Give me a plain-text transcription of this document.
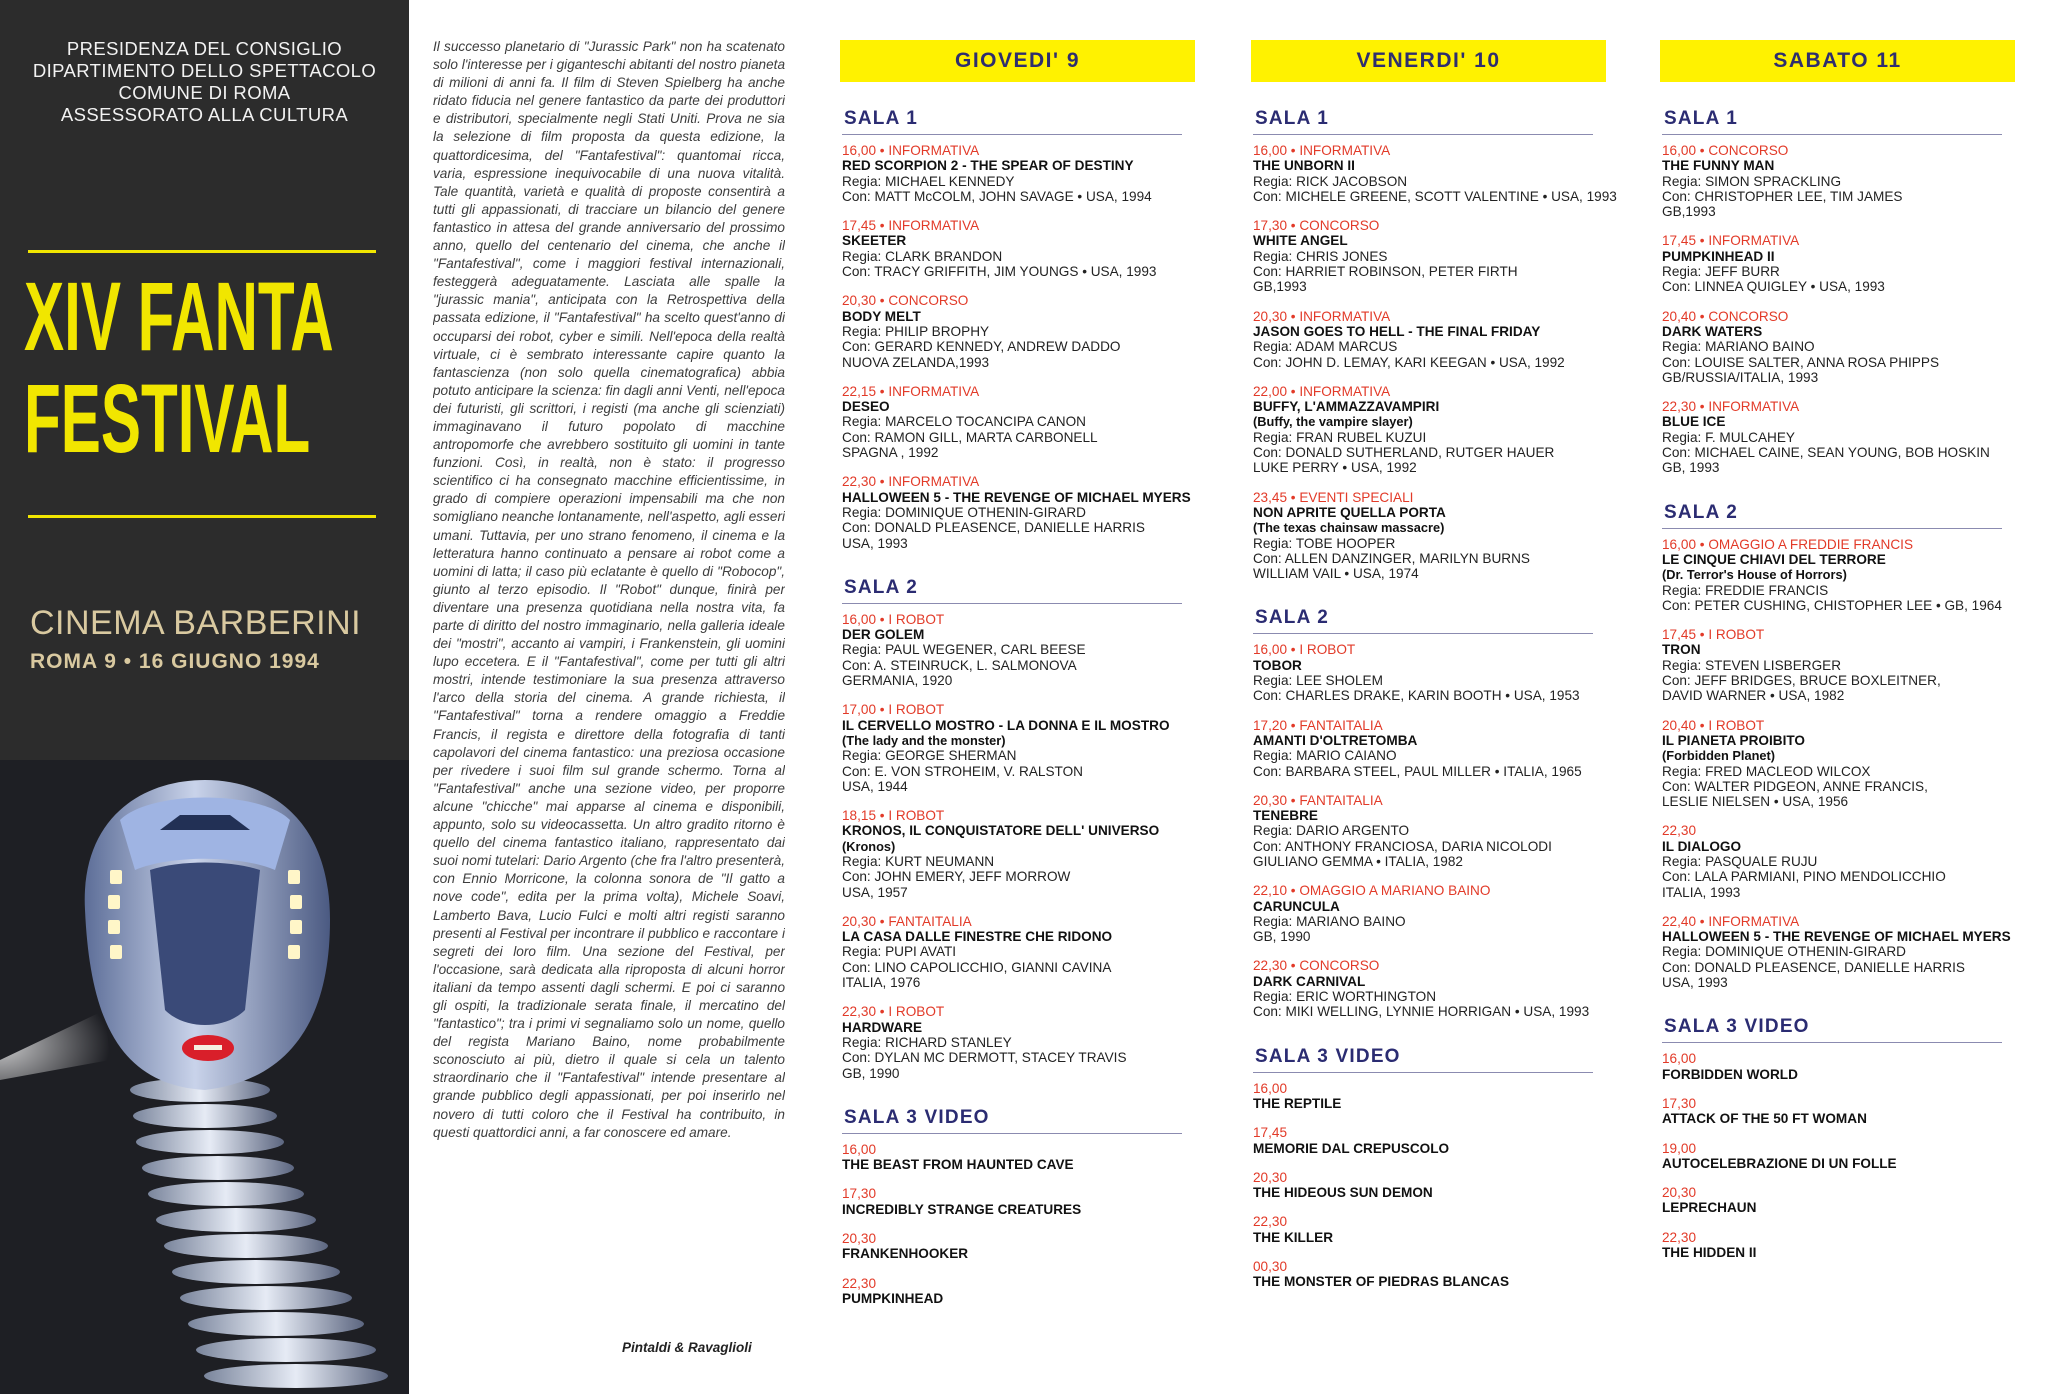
PRESIDENZA DEL CONSIGLIO
DIPARTIMENTO DELLO SPETTACOLO
COMUNE DI ROMA
ASSESSORATO ALLA CULTURA
XIV FANTA
FESTIVAL
CINEMA BARBERINI
ROMA 9 • 16 GIUGNO 1994
Il successo planetario di "Jurassic Park" non ha scatenato solo l'interesse per i giganteschi abitanti del nostro pianeta di milioni di anni fa. Il film di Steven Spielberg ha anche ridato fiducia nel genere fantastico da parte dei produttori e distributori, specialmente negli Stati Uniti. Prova ne sia la selezione di film proposta da questa edizione, la quattordicesima, del "Fantafestival": quantomai ricca, varia, espressione inequivocabile di una nuova vitalità. Tale quantità, varietà e qualità di proposte consentirà a tutti gli appassionati, di tracciare un bilancio del genere fantastico in attesa del grande anniversario del prossimo anno, quello del centenario del cinema, che anche il "Fantafestival", come i maggiori festival internazionali, festeggerà adeguatamente. Lasciata alle spalle la "jurassic mania", anticipata con la Retrospettiva della passata edizione, il "Fantafestival" ha scelto quest'anno di occuparsi dei robot, cyber e simili. Nell'epoca della realtà virtuale, ci è sembrato interessante capire quanto la fantascienza (non solo quella cinematografica) abbia potuto anticipare la scienza: fin dagli anni Venti, nell'epoca dei futuristi, gli scrittori, i registi (ma anche gli scienziati) immaginavano il futuro popolato di macchine antropomorfe che avrebbero sostituito gli uomini in tante funzioni. Così, in realtà, non è stato: il progresso scientifico ci ha consegnato macchine efficientissime, in grado di compiere operazioni impensabili ma che non somigliano neanche lontanamente, nell'aspetto, agli esseri umani. Tuttavia, per uno strano fenomeno, il cinema e la letteratura hanno continuato a pensare ai robot come a uomini di latta; il caso più eclatante è quello di "Robocop", giunto al terzo episodio. Il "Robot" dunque, finirà per diventare una presenza quotidiana nella nostra vita, fa parte di diritto del nostro immaginario, nella galleria ideale dei "mostri", accanto ai vampiri, i Frankenstein, gli uomini lupo eccetera. E il "Fantafestival", come per tutti gli altri mostri, intende testimoniare la sua presenza attraverso l'arco della storia del cinema. A grande richiesta, il "Fantafestival" torna a rendere omaggio a Freddie Francis, il regista e direttore della fotografia di tanti capolavori del cinema fantastico: una preziosa occasione per rivedere i suoi film sul grande schermo. Torna al "Fantafestival" anche una sezione video, per proporre alcune "chicche" mai apparse al cinema e disponibili, appunto, solo su videocassetta. Un altro gradito ritorno è quello del cinema fantastico italiano, rappresentato dai suoi nomi tutelari: Dario Argento (che fra l'altro presenterà, con Ennio Morricone, la colonna sonora de "Il gatto a nove code", edita per la prima volta), Michele Soavi, Lamberto Bava, Lucio Fulci e molti altri registi saranno presenti al Festival per incontrare il pubblico e raccontare i segreti dei loro film. Una sezione del Festival, per l'occasione, sarà dedicata alla riproposta di alcuni horror italiani da tempo assenti dagli schermi. E poi ci saranno gli ospiti, la tradizionale serata finale, il mercatino del "fantastico"; tra i primi vi segnaliamo solo un nome, quello del regista Mariano Baino, nome probabilmente sconosciuto ai più, dietro il quale si cela un talento straordinario che il "Fantafestival" intende presentare al grande pubblico degli appassionati, per poi inserirlo nel novero di tutti coloro che il Festival ha contribuito, in questi quattordici anni, a far conoscere ed amare.
Pintaldi & Ravaglioli
GIOVEDI' 9
SALA 1
16,00 • INFORMATIVA
RED SCORPION 2 - THE SPEAR OF DESTINY
Regia: MICHAEL KENNEDY
Con: MATT McCOLM, JOHN SAVAGE • USA, 1994
17,45 • INFORMATIVA
SKEETER
Regia: CLARK BRANDON
Con: TRACY GRIFFITH, JIM YOUNGS • USA, 1993
20,30 • CONCORSO
BODY MELT
Regia: PHILIP BROPHY
Con: GERARD KENNEDY, ANDREW DADDO
NUOVA ZELANDA,1993
22,15 • INFORMATIVA
DESEO
Regia: MARCELO TOCANCIPA CANON
Con: RAMON GILL, MARTA CARBONELL
SPAGNA , 1992
22,30 • INFORMATIVA
HALLOWEEN 5 - THE REVENGE OF MICHAEL MYERS
Regia: DOMINIQUE OTHENIN-GIRARD
Con: DONALD PLEASENCE, DANIELLE HARRIS
USA, 1993
SALA 2
16,00 • I ROBOT
DER GOLEM
Regia: PAUL WEGENER, CARL BEESE
Con: A. STEINRUCK, L. SALMONOVA
GERMANIA, 1920
17,00 • I ROBOT
IL CERVELLO MOSTRO - LA DONNA E IL MOSTRO
(The lady and the monster)
Regia: GEORGE SHERMAN
Con: E. VON STROHEIM, V. RALSTON
USA, 1944
18,15 • I ROBOT
KRONOS, IL CONQUISTATORE DELL' UNIVERSO
(Kronos)
Regia: KURT NEUMANN
Con: JOHN EMERY, JEFF MORROW
USA, 1957
20,30 • FANTAITALIA
LA CASA DALLE FINESTRE CHE RIDONO
Regia: PUPI AVATI
Con: LINO CAPOLICCHIO, GIANNI CAVINA
ITALIA, 1976
22,30 • I ROBOT
HARDWARE
Regia: RICHARD STANLEY
Con: DYLAN MC DERMOTT, STACEY TRAVIS
GB, 1990
SALA 3 VIDEO
16,00
THE BEAST FROM HAUNTED CAVE
17,30
INCREDIBLY STRANGE CREATURES
20,30
FRANKENHOOKER
22,30
PUMPKINHEAD
VENERDI' 10
SALA 1
16,00 • INFORMATIVA
THE UNBORN II
Regia: RICK JACOBSON
Con: MICHELE GREENE, SCOTT VALENTINE • USA, 1993
17,30 • CONCORSO
WHITE ANGEL
Regia: CHRIS JONES
Con: HARRIET ROBINSON, PETER FIRTH
GB,1993
20,30 • INFORMATIVA
JASON GOES TO HELL - THE FINAL FRIDAY
Regia: ADAM MARCUS
Con: JOHN D. LEMAY, KARI KEEGAN • USA, 1992
22,00 • INFORMATIVA
BUFFY, L'AMMAZZAVAMPIRI
(Buffy, the vampire slayer)
Regia: FRAN RUBEL KUZUI
Con: DONALD SUTHERLAND, RUTGER HAUER
LUKE PERRY • USA, 1992
23,45 • EVENTI SPECIALI
NON APRITE QUELLA PORTA
(The texas chainsaw massacre)
Regia: TOBE HOOPER
Con: ALLEN DANZINGER, MARILYN BURNS
WILLIAM VAIL • USA, 1974
SALA 2
16,00 • I ROBOT
TOBOR
Regia: LEE SHOLEM
Con: CHARLES DRAKE, KARIN BOOTH • USA, 1953
17,20 • FANTAITALIA
AMANTI D'OLTRETOMBA
Regia: MARIO CAIANO
Con: BARBARA STEEL, PAUL MILLER • ITALIA, 1965
20,30 • FANTAITALIA
TENEBRE
Regia: DARIO ARGENTO
Con: ANTHONY FRANCIOSA, DARIA NICOLODI
GIULIANO GEMMA • ITALIA, 1982
22,10 • OMAGGIO A MARIANO BAINO
CARUNCULA
Regia: MARIANO BAINO
GB, 1990
22,30 • CONCORSO
DARK CARNIVAL
Regia: ERIC WORTHINGTON
Con: MIKI WELLING, LYNNIE HORRIGAN • USA, 1993
SALA 3 VIDEO
16,00
THE REPTILE
17,45
MEMORIE DAL CREPUSCOLO
20,30
THE HIDEOUS SUN DEMON
22,30
THE KILLER
00,30
THE MONSTER OF PIEDRAS BLANCAS
SABATO 11
SALA 1
16,00 • CONCORSO
THE FUNNY MAN
Regia: SIMON SPRACKLING
Con: CHRISTOPHER LEE, TIM JAMES
GB,1993
17,45 • INFORMATIVA
PUMPKINHEAD II
Regia: JEFF BURR
Con: LINNEA QUIGLEY • USA, 1993
20,40 • CONCORSO
DARK WATERS
Regia: MARIANO BAINO
Con: LOUISE SALTER, ANNA ROSA PHIPPS
GB/RUSSIA/ITALIA, 1993
22,30 • INFORMATIVA
BLUE ICE
Regia: F. MULCAHEY
Con: MICHAEL CAINE, SEAN YOUNG, BOB HOSKIN
GB, 1993
SALA 2
16,00 • OMAGGIO A FREDDIE FRANCIS
LE CINQUE CHIAVI DEL TERRORE
(Dr. Terror's House of Horrors)
Regia: FREDDIE FRANCIS
Con: PETER CUSHING, CHISTOPHER LEE • GB, 1964
17,45 • I ROBOT
TRON
Regia: STEVEN LISBERGER
Con: JEFF BRIDGES, BRUCE BOXLEITNER,
DAVID WARNER • USA, 1982
20,40 • I ROBOT
IL PIANETA PROIBITO
(Forbidden Planet)
Regia: FRED MACLEOD WILCOX
Con: WALTER PIDGEON, ANNE FRANCIS,
LESLIE NIELSEN • USA, 1956
22,30
IL DIALOGO
Regia: PASQUALE RUJU
Con: LALA PARMIANI, PINO MENDOLICCHIO
ITALIA, 1993
22,40 • INFORMATIVA
HALLOWEEN 5 - THE REVENGE OF MICHAEL MYERS
Regia: DOMINIQUE OTHENIN-GIRARD
Con: DONALD PLEASENCE, DANIELLE HARRIS
USA, 1993
SALA 3 VIDEO
16,00
FORBIDDEN WORLD
17,30
ATTACK OF THE 50 FT WOMAN
19,00
AUTOCELEBRAZIONE DI UN FOLLE
20,30
LEPRECHAUN
22,30
THE HIDDEN II
